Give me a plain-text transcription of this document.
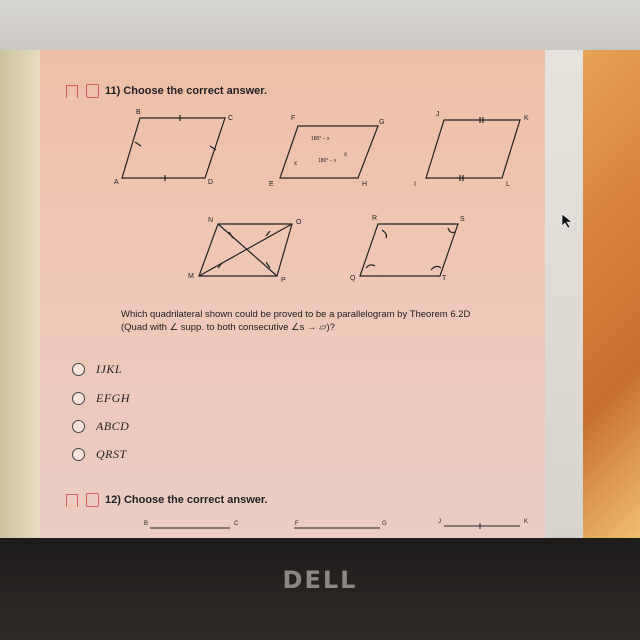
11) Choose the correct answer.
B
C
A	D
F
G
E	H
180° − x
180° − x
x
x
J
K
I	L
N	O
M
P
R	S
Q	T
Which quadrilateral shown could be proved to be a parallelogram by Theorem 6.2D
(Quad with ∠ supp. to both consecutive ∠s → ▱)?
IJKL
EFGH
ABCD
QRST
12) Choose the correct answer.
B	C	F	G	J	K
DELL
